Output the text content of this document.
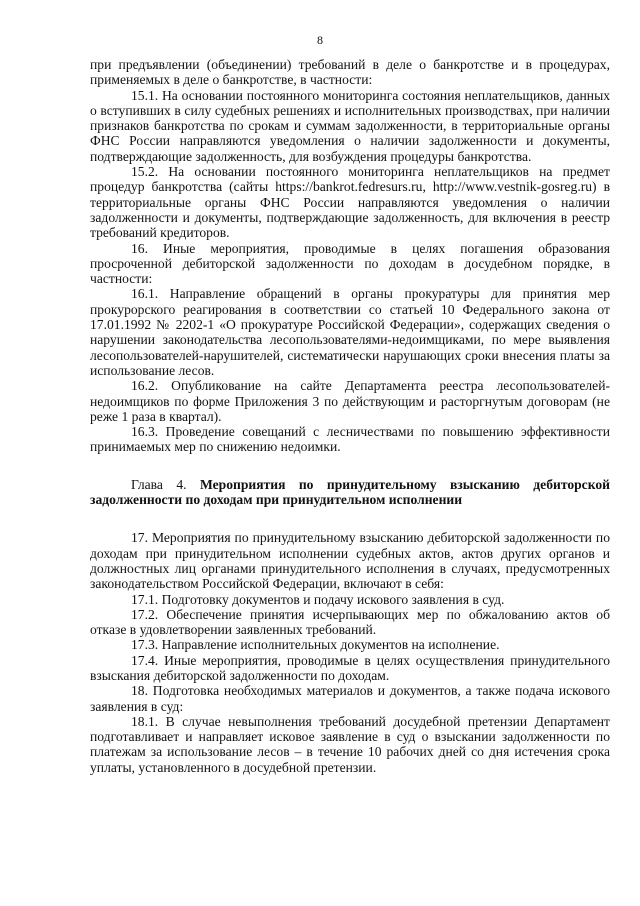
8

при предъявлении (объединении) требований в деле о банкротстве и в процедурах, применяемых в деле о банкротстве, в частности:

15.1. На основании постоянного мониторинга состояния неплательщиков, данных о вступивших в силу судебных решениях и исполнительных производствах, при наличии признаков банкротства по срокам и суммам задолженности, в территориальные органы ФНС России направляются уведомления о наличии задолженности и документы, подтверждающие задолженность, для возбуждения процедуры банкротства.

15.2. На основании постоянного мониторинга неплательщиков на предмет процедур банкротства (сайты https://bankrot.fedresurs.ru, http://www.vestnik-gosreg.ru) в территориальные органы ФНС России направляются уведомления о наличии задолженности и документы, подтверждающие задолженность, для включения в реестр требований кредиторов.

16. Иные мероприятия, проводимые в целях погашения образования просроченной дебиторской задолженности по доходам в досудебном порядке, в частности:

16.1. Направление обращений в органы прокуратуры для принятия мер прокурорского реагирования в соответствии со статьей 10 Федерального закона от 17.01.1992 № 2202-1 «О прокуратуре Российской Федерации», содержащих сведения о нарушении законодательства лесопользователями-недоимщиками, по мере выявления лесопользователей-нарушителей, систематически нарушающих сроки внесения платы за использование лесов.

16.2. Опубликование на сайте Департамента реестра лесопользователей-недоимщиков по форме Приложения 3 по действующим и расторгнутым договорам (не реже 1 раза в квартал).

16.3. Проведение совещаний с лесничествами по повышению эффективности принимаемых мер по снижению недоимки.

Глава 4. Мероприятия по принудительному взысканию дебиторской задолженности по доходам при принудительном исполнении

17. Мероприятия по принудительному взысканию дебиторской задолженности по доходам при принудительном исполнении судебных актов, актов других органов и должностных лиц органами принудительного исполнения в случаях, предусмотренных законодательством Российской Федерации, включают в себя:

17.1. Подготовку документов и подачу искового заявления в суд.

17.2. Обеспечение принятия исчерпывающих мер по обжалованию актов об отказе в удовлетворении заявленных требований.

17.3. Направление исполнительных документов на исполнение.

17.4. Иные мероприятия, проводимые в целях осуществления принудительного взыскания дебиторской задолженности по доходам.

18. Подготовка необходимых материалов и документов, а также подача искового заявления в суд:

18.1. В случае невыполнения требований досудебной претензии Департамент подготавливает и направляет исковое заявление в суд о взыскании задолженности по платежам за использование лесов – в течение 10 рабочих дней со дня истечения срока уплаты, установленного в досудебной претензии.
